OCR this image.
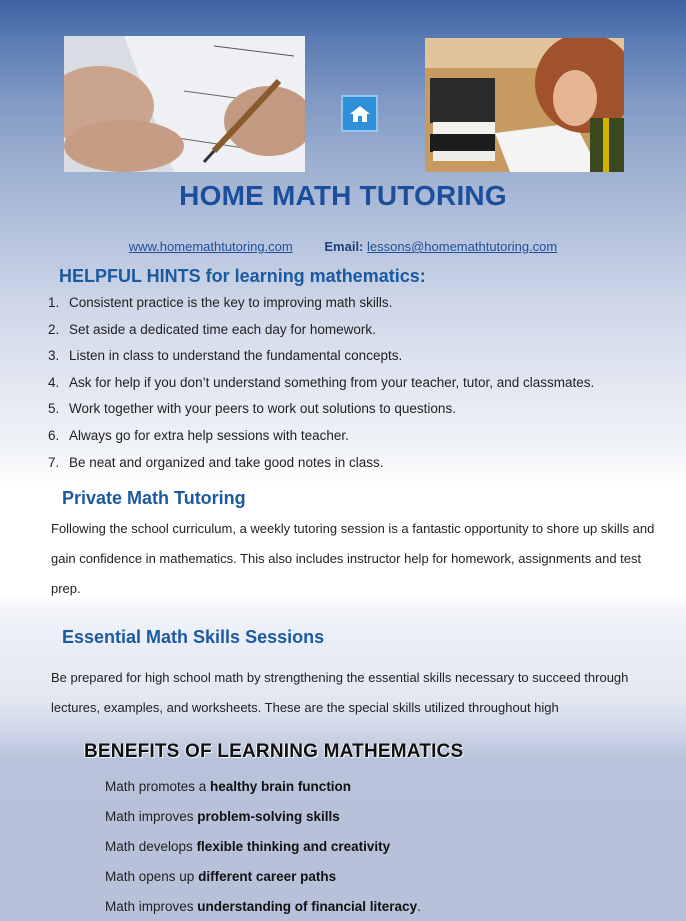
HOME MATH TUTORING
www.homemathtutoring.com Email: lessons@homemathtutoring.com
HELPFUL HINTS for learning mathematics:
1. Consistent practice is the key to improving math skills.
2. Set aside a dedicated time each day for homework.
3. Listen in class to understand the fundamental concepts.
4. Ask for help if you don’t understand something from your teacher, tutor, and classmates.
5. Work together with your peers to work out solutions to questions.
6. Always go for extra help sessions with teacher.
7. Be neat and organized and take good notes in class.
Private Math Tutoring

Following the school curriculum, a weekly tutoring session is a fantastic opportunity to shore up skills and gain confidence in mathematics. This also includes instructor help for homework, assignments and test prep.

Essential Math Skills Sessions

Be prepared for high school math by strengthening the essential skills necessary to succeed through lectures, examples, and worksheets. These are the special skills utilized throughout high

BENEFITS OF LEARNING MATHEMATICS
Math promotes a healthy brain function
Math improves problem-solving skills
Math develops flexible thinking and creativity
Math opens up different career paths
Math improves understanding of financial literacy.
